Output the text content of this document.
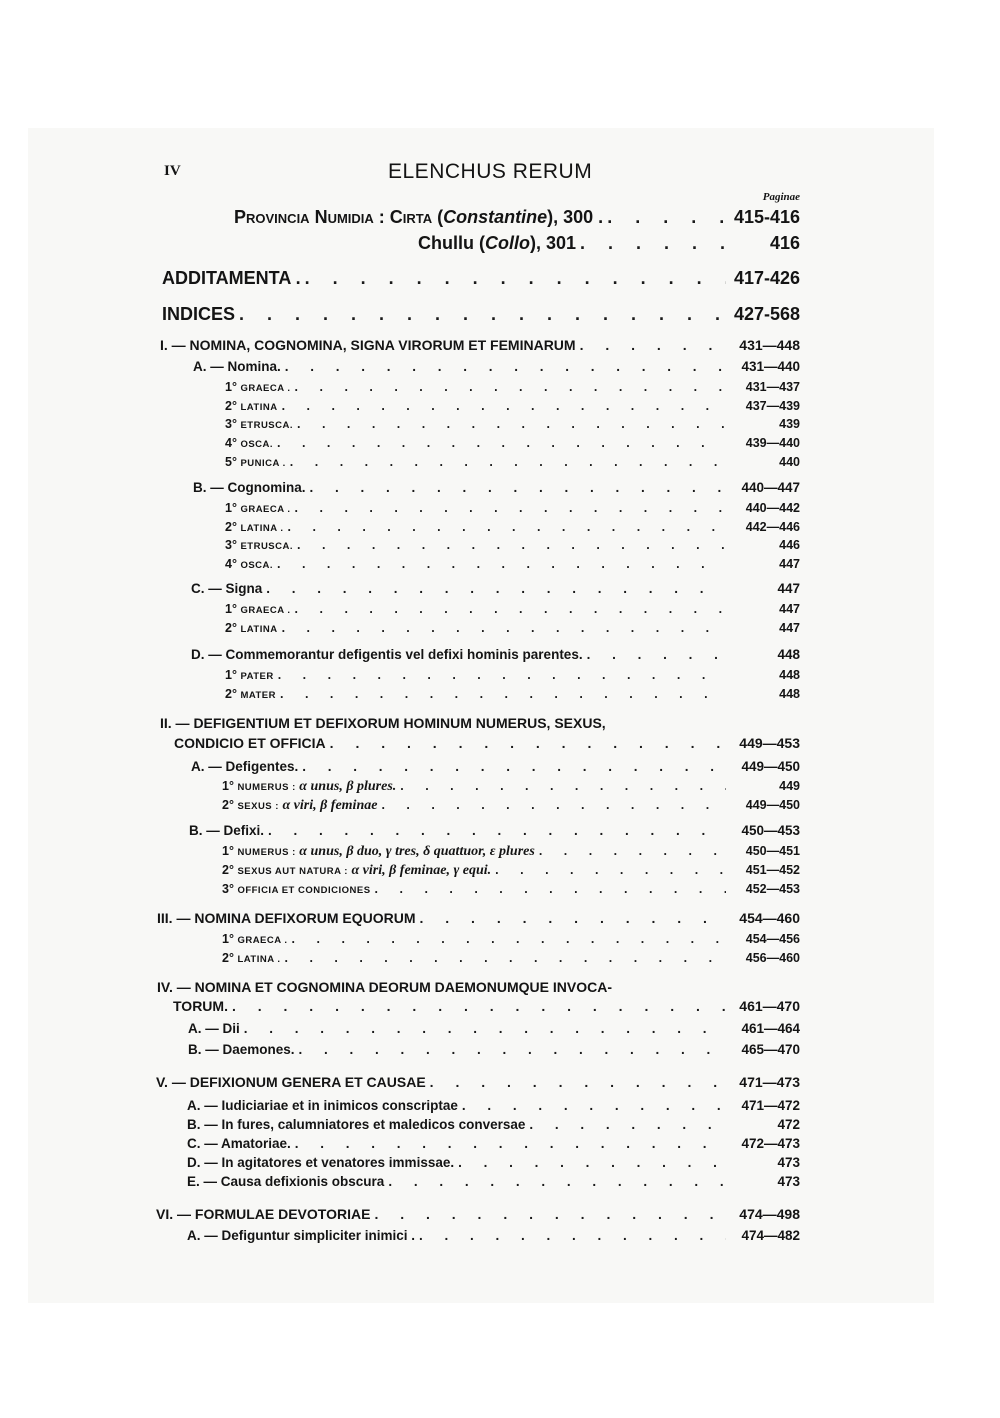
IV	ELENCHUS RERUM
Paginae
Provincia Numidia : Cirta (Constantine), 300 . . . .	415-416
Chullu (Collo), 301 . . .	416
ADDITAMENTA . . . .	417-426
INDICES . . .	427-568
I. — NOMINA, COGNOMINA, SIGNA VIRORUM ET FEMINARUM . . .	431—448
A. — Nomina. . . .	431—440
1° GRAECA . . . .	431—437
2° LATINA . . .	437—439
3° ETRUSCA. . . .	439
4° OSCA. . . .	439—440
5° PUNICA . . . .	440
B. — Cognomina. . . .	440—447
1° GRAECA . . . .	440—442
2° LATINA . . . .	442—446
3° ETRUSCA. . . .	446
4° OSCA. . . .	447
C. — Signa . . .	447
1° GRAECA . . . .	447
2° LATINA . . .	447
D. — Commemorantur defigentis vel defixi hominis parentes. . . .	448
1° PATER . . .	448
2° MATER . . .	448
II. — DEFIGENTIUM ET DEFIXORUM HOMINUM NUMERUS, SEXUS,
CONDICIO ET OFFICIA . . .	449—453
A. — Defigentes. . . .	449—450
1° NUMERUS : α unus, β plures. . . .	449
2° SEXUS : α viri, β feminae . . .	449—450
B. — Defixi. . . .	450—453
1° NUMERUS : α unus, β duo, γ tres, δ quattuor, ε plures . . .	450—451
2° SEXUS AUT NATURA : α viri, β feminae, γ equi. . . .	451—452
3° OFFICIA ET CONDICIONES . . .	452—453
III. — NOMINA DEFIXORUM EQUORUM . . .	454—460
1° GRAECA . . . .	454—456
2° LATINA . . . .	456—460
IV. — NOMINA ET COGNOMINA DEORUM DAEMONUMQUE INVOCA-
TORUM. . . .	461—470
A. — Dii . . .	461—464
B. — Daemones. . . .	465—470
V. — DEFIXIONUM GENERA ET CAUSAE . . .	471—473
A. — Iudiciariae et in inimicos conscriptae . . .	471—472
B. — In fures, calumniatores et maledicos conversae . . .	472
C. — Amatoriae. . . .	472—473
D. — In agitatores et venatores immissae. . . .	473
E. — Causa defixionis obscura . . .	473
VI. — FORMULAE DEVOTORIAE . . .	474—498
A. — Defiguntur simpliciter inimici . . . .	474—482
